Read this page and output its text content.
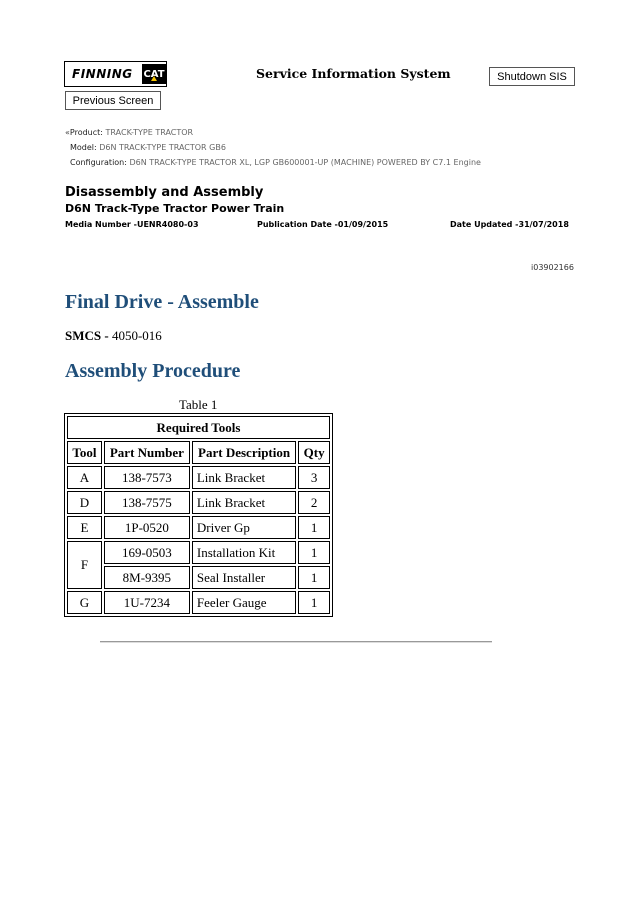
FINNING	CAT	Service Information System	Shutdown SIS
Previous Screen
«Product: TRACK-TYPE TRACTOR
Model: D6N TRACK-TYPE TRACTOR GB6
Configuration: D6N TRACK-TYPE TRACTOR XL, LGP GB600001-UP (MACHINE) POWERED BY C7.1 Engine
Disassembly and Assembly
D6N Track-Type Tractor Power Train
Media Number -UENR4080-03	Publication Date -01/09/2015	Date Updated -31/07/2018
i03902166
Final Drive - Assemble
SMCS - 4050-016
Assembly Procedure
Table 1
Required Tools			
Tool	Part Number	Part Description	Qty
A	138-7573	Link Bracket	3
D	138-7575	Link Bracket	2
E	1P-0520	Driver Gp	1
F	169-0503	Installation Kit	1
	8M-9395	Seal Installer	1
G	1U-7234	Feeler Gauge	1
